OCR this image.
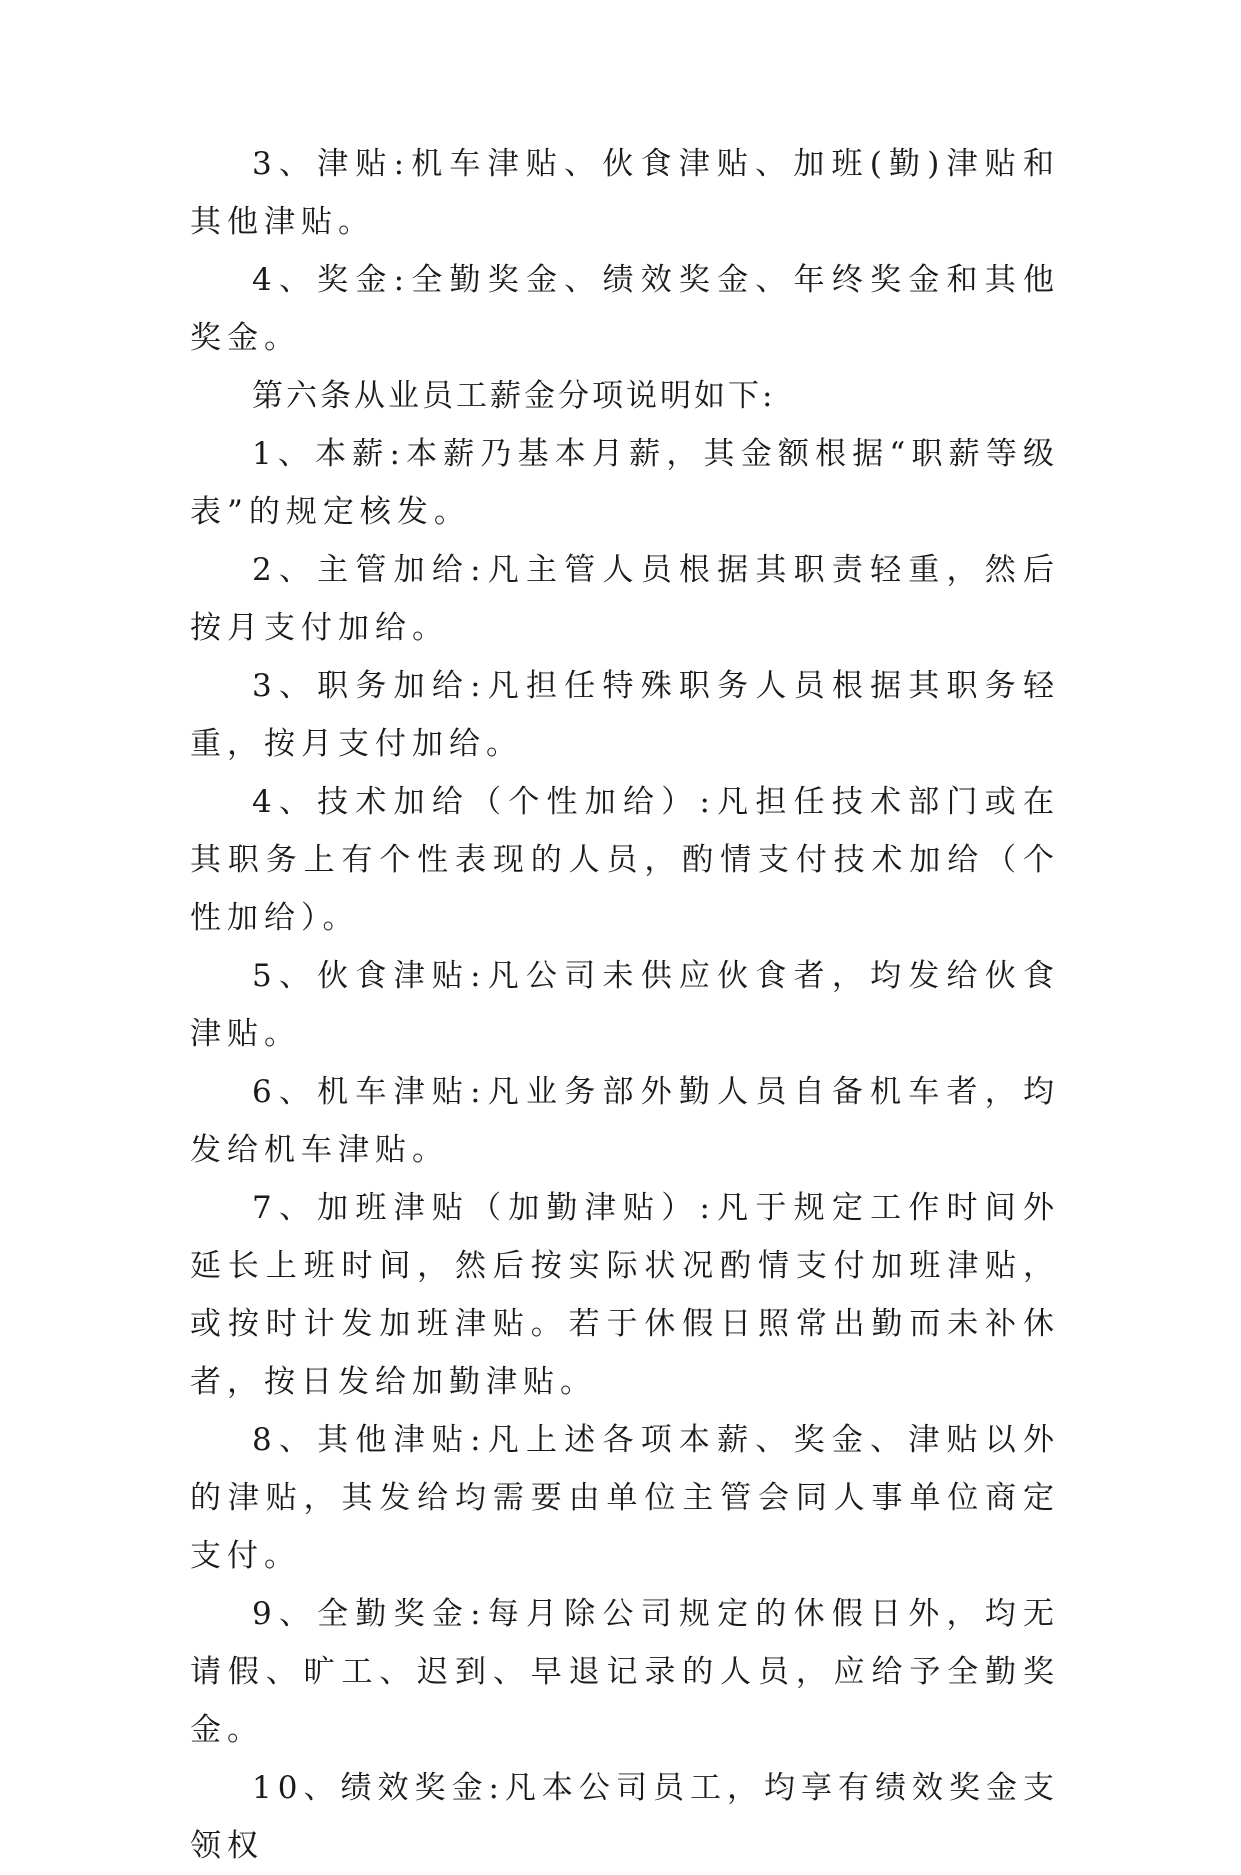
3、津贴:机车津贴、伙食津贴、加班(勤)津贴和其他津贴。

4、奖金:全勤奖金、绩效奖金、年终奖金和其他奖金。

第六条从业员工薪金分项说明如下:

1、本薪:本薪乃基本月薪，其金额根据“职薪等级表”的规定核发。

2、主管加给:凡主管人员根据其职责轻重，然后按月支付加给。

3、职务加给:凡担任特殊职务人员根据其职务轻重，按月支付加给。

4、技术加给（个性加给）:凡担任技术部门或在其职务上有个性表现的人员，酌情支付技术加给（个性加给）。

5、伙食津贴:凡公司未供应伙食者，均发给伙食津贴。

6、机车津贴:凡业务部外勤人员自备机车者，均发给机车津贴。

7、加班津贴（加勤津贴）:凡于规定工作时间外延长上班时间，然后按实际状况酌情支付加班津贴，或按时计发加班津贴。若于休假日照常出勤而未补休者，按日发给加勤津贴。

8、其他津贴:凡上述各项本薪、奖金、津贴以外的津贴，其发给均需要由单位主管会同人事单位商定支付。

9、全勤奖金:每月除公司规定的休假日外，均无请假、旷工、迟到、早退记录的人员，应给予全勤奖金。

10、绩效奖金:凡本公司员工，均享有绩效奖金支领权
